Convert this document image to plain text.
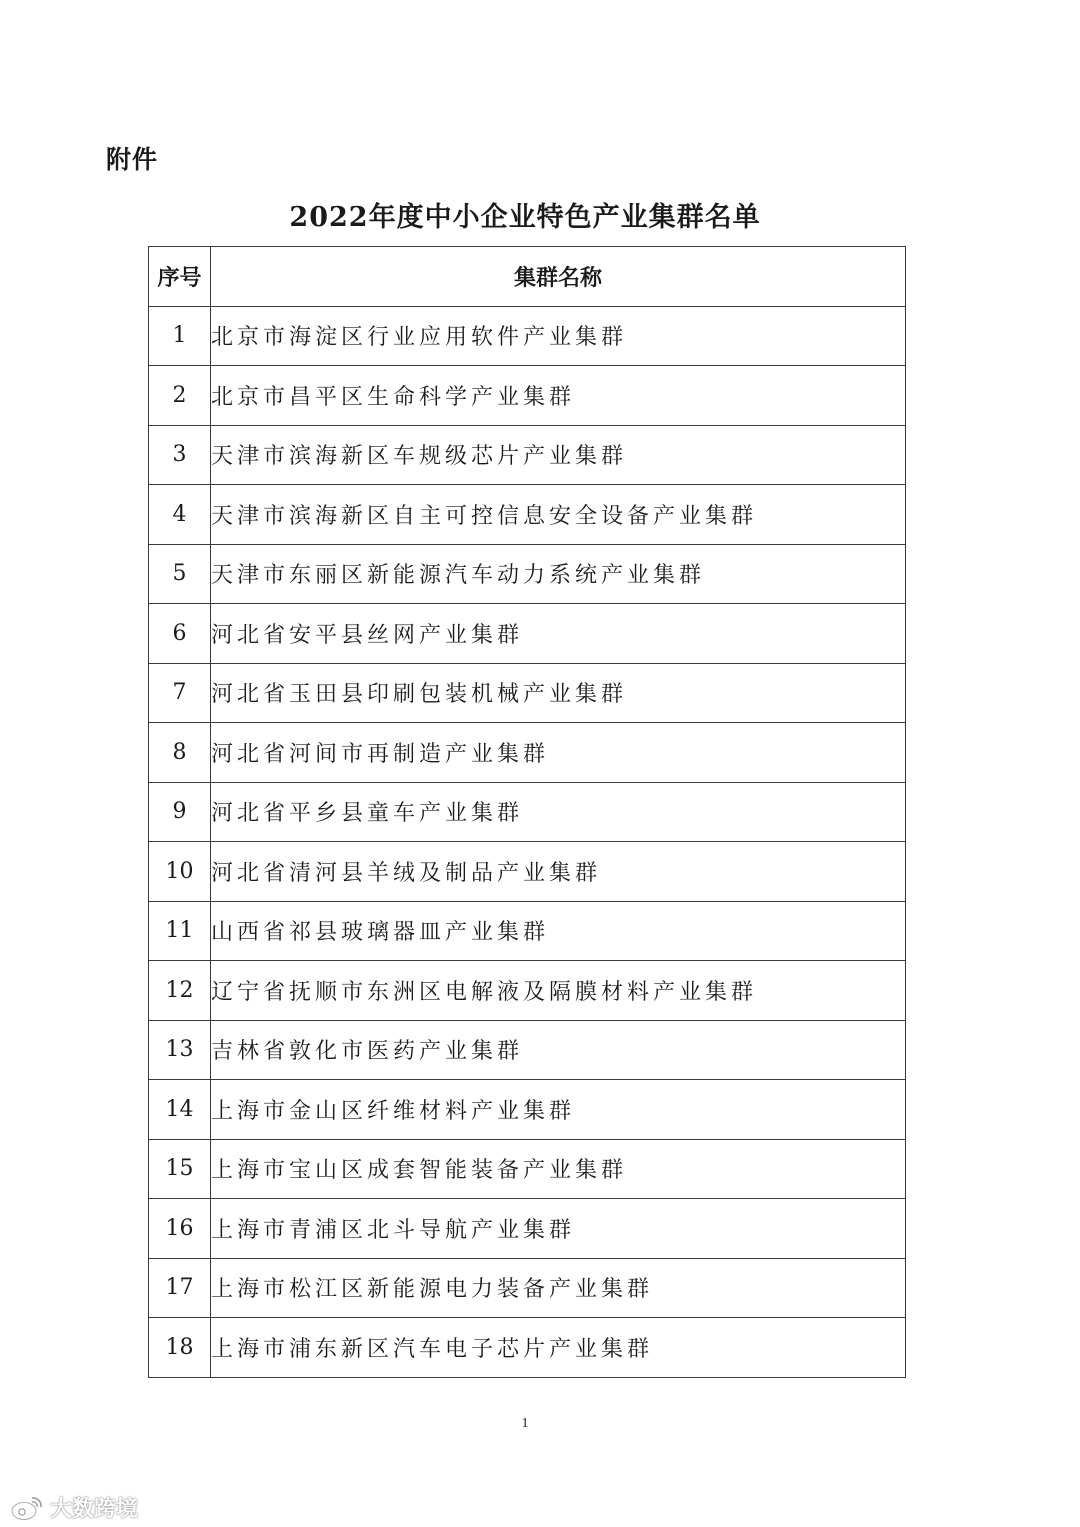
附件
2022年度中小企业特色产业集群名单
序号	集群名称
1	北京市海淀区行业应用软件产业集群
2	北京市昌平区生命科学产业集群
3	天津市滨海新区车规级芯片产业集群
4	天津市滨海新区自主可控信息安全设备产业集群
5	天津市东丽区新能源汽车动力系统产业集群
6	河北省安平县丝网产业集群
7	河北省玉田县印刷包装机械产业集群
8	河北省河间市再制造产业集群
9	河北省平乡县童车产业集群
10	河北省清河县羊绒及制品产业集群
11	山西省祁县玻璃器皿产业集群
12	辽宁省抚顺市东洲区电解液及隔膜材料产业集群
13	吉林省敦化市医药产业集群
14	上海市金山区纤维材料产业集群
15	上海市宝山区成套智能装备产业集群
16	上海市青浦区北斗导航产业集群
17	上海市松江区新能源电力装备产业集群
18	上海市浦东新区汽车电子芯片产业集群
1
大数跨境
